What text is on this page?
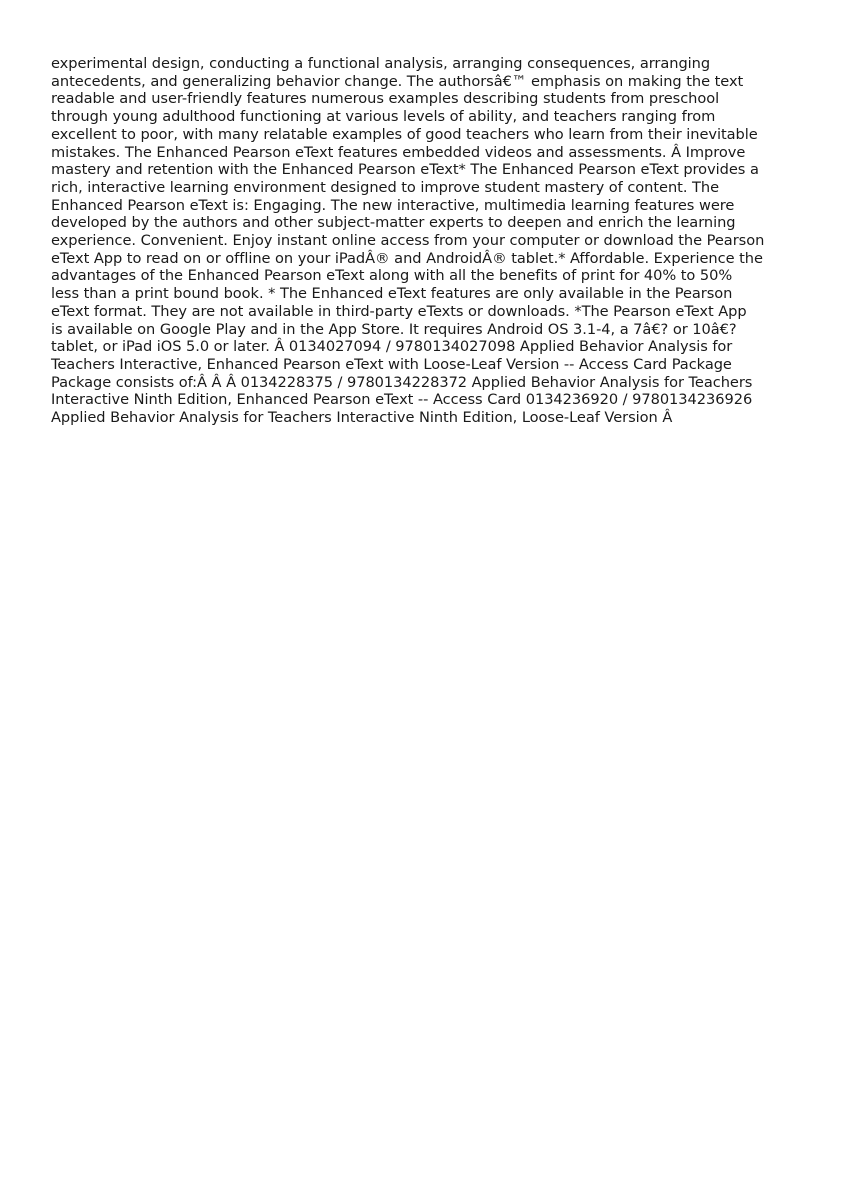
experimental design, conducting a functional analysis, arranging consequences, arranging
antecedents, and generalizing behavior change. The authorsâ€™ emphasis on making the text
readable and user-friendly features numerous examples describing students from preschool
through young adulthood functioning at various levels of ability, and teachers ranging from
excellent to poor, with many relatable examples of good teachers who learn from their inevitable
mistakes. The Enhanced Pearson eText features embedded videos and assessments. Â Improve
mastery and retention with the Enhanced Pearson eText* The Enhanced Pearson eText provides a
rich, interactive learning environment designed to improve student mastery of content. The
Enhanced Pearson eText is: Engaging. The new interactive, multimedia learning features were
developed by the authors and other subject-matter experts to deepen and enrich the learning
experience. Convenient. Enjoy instant online access from your computer or download the Pearson
eText App to read on or offline on your iPadÂ® and AndroidÂ® tablet.* Affordable. Experience the
advantages of the Enhanced Pearson eText along with all the benefits of print for 40% to 50%
less than a print bound book. * The Enhanced eText features are only available in the Pearson
eText format. They are not available in third-party eTexts or downloads. *The Pearson eText App
is available on Google Play and in the App Store. It requires Android OS 3.1-4, a 7â€? or 10â€?
tablet, or iPad iOS 5.0 or later. Â 0134027094 / 9780134027098 Applied Behavior Analysis for
Teachers Interactive, Enhanced Pearson eText with Loose-Leaf Version -- Access Card Package
Package consists of:Â Â Â 0134228375 / 9780134228372 Applied Behavior Analysis for Teachers
Interactive Ninth Edition, Enhanced Pearson eText -- Access Card 0134236920 / 9780134236926
Applied Behavior Analysis for Teachers Interactive Ninth Edition, Loose-Leaf Version Â
